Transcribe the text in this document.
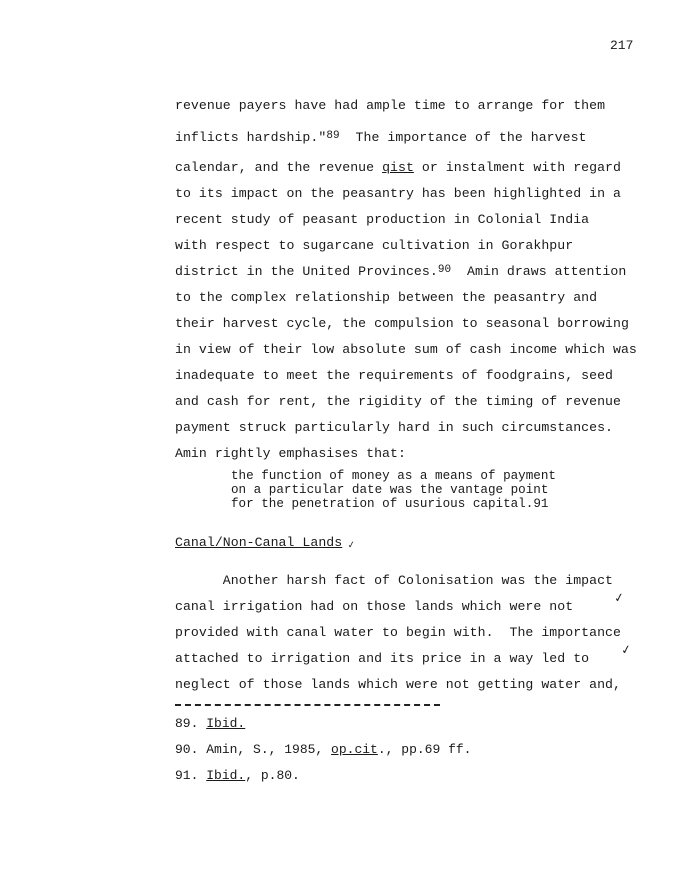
217
revenue payers have had ample time to arrange for them
inflicts hardship."$^{89}$  The importance of the harvest
calendar, and the revenue qist or instalment with regard
to its impact on the peasantry has been highlighted in a
recent study of peasant production in Colonial India
with respect to sugarcane cultivation in Gorakhpur
district in the United Provinces.$^{90}$  Amin draws attention
to the complex relationship between the peasantry and
their harvest cycle, the compulsion to seasonal borrowing
in view of their low absolute sum of cash income which was
inadequate to meet the requirements of foodgrains, seed
and cash for rent, the rigidity of the timing of revenue
payment struck particularly hard in such circumstances.
Amin rightly emphasises that:
the function of money as a means of payment
on a particular date was the vantage point
for the penetration of usurious capital.91
Canal/Non-Canal Lands ✓
Another harsh fact of Colonisation was the impact
canal irrigation had on those lands which were not
provided with canal water to begin with.  The importance
attached to irrigation and its price in a way led to
neglect of those lands which were not getting water and,
✓
✓
89. Ibid.
90. Amin, S., 1985, op.cit., pp.69 ff.
91. Ibid., p.80.
